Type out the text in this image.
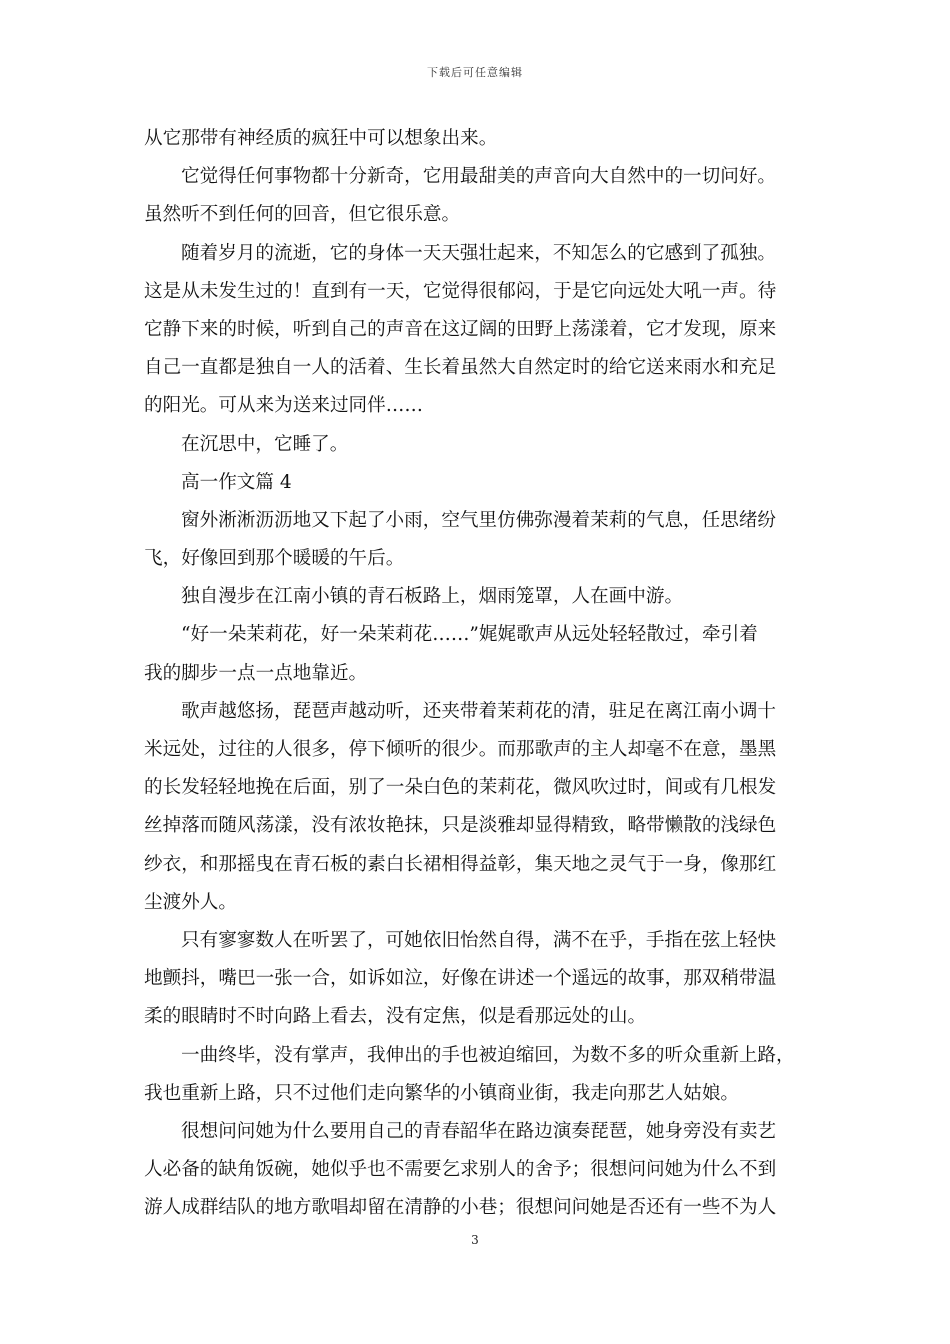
下载后可任意编辑
从它那带有神经质的疯狂中可以想象出来。
它觉得任何事物都十分新奇，它用最甜美的声音向大自然中的一切问好。
虽然听不到任何的回音，但它很乐意。
随着岁月的流逝，它的身体一天天强壮起来，不知怎么的它感到了孤独。
这是从未发生过的！直到有一天，它觉得很郁闷，于是它向远处大吼一声。待
它静下来的时候，听到自己的声音在这辽阔的田野上荡漾着，它才发现，原来
自己一直都是独自一人的活着、生长着虽然大自然定时的给它送来雨水和充足
的阳光。可从来为送来过同伴……
在沉思中，它睡了。
高一作文篇 4
窗外淅淅沥沥地又下起了小雨，空气里仿佛弥漫着茉莉的气息，任思绪纷
飞，好像回到那个暖暖的午后。
独自漫步在江南小镇的青石板路上，烟雨笼罩，人在画中游。
“好一朵茉莉花，好一朵茉莉花……”娓娓歌声从远处轻轻散过，牵引着
我的脚步一点一点地靠近。
歌声越悠扬，琵琶声越动听，还夹带着茉莉花的清，驻足在离江南小调十
米远处，过往的人很多，停下倾听的很少。而那歌声的主人却毫不在意，墨黑
的长发轻轻地挽在后面，别了一朵白色的茉莉花，微风吹过时，间或有几根发
丝掉落而随风荡漾，没有浓妆艳抹，只是淡雅却显得精致，略带懒散的浅绿色
纱衣，和那摇曳在青石板的素白长裙相得益彰，集天地之灵气于一身，像那红
尘渡外人。
只有寥寥数人在听罢了，可她依旧怡然自得，满不在乎，手指在弦上轻快
地颤抖，嘴巴一张一合，如诉如泣，好像在讲述一个遥远的故事，那双稍带温
柔的眼睛时不时向路上看去，没有定焦，似是看那远处的山。
一曲终毕，没有掌声，我伸出的手也被迫缩回，为数不多的听众重新上路，
我也重新上路，只不过他们走向繁华的小镇商业街，我走向那艺人姑娘。
很想问问她为什么要用自己的青春韶华在路边演奏琵琶，她身旁没有卖艺
人必备的缺角饭碗，她似乎也不需要乞求别人的舍予；很想问问她为什么不到
游人成群结队的地方歌唱却留在清静的小巷；很想问问她是否还有一些不为人
3
